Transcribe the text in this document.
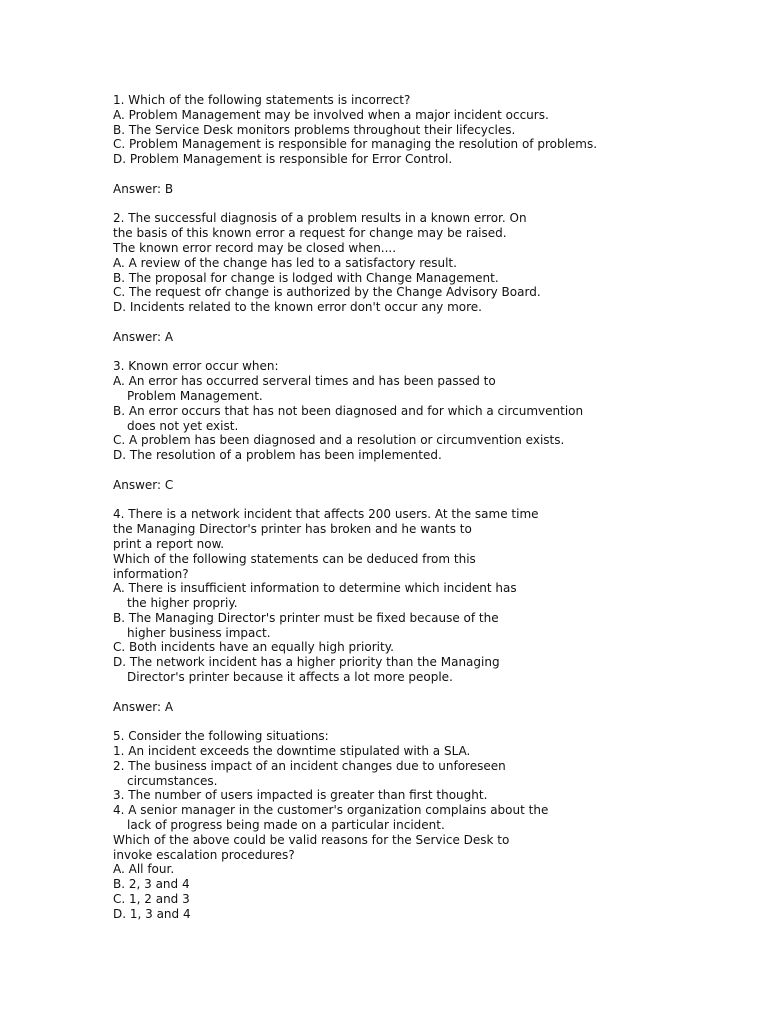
1. Which of the following statements is incorrect?
A. Problem Management may be involved when a major incident occurs.
B. The Service Desk monitors problems throughout their lifecycles.
C. Problem Management is responsible for managing the resolution of problems.
D. Problem Management is responsible for Error Control.
Answer: B
2. The successful diagnosis of a problem results in a known error. On
the basis of this known error a request for change may be raised.
The known error record may be closed when....
A. A review of the change has led to a satisfactory result.
B. The proposal for change is lodged with Change Management.
C. The request ofr change is authorized by the Change Advisory Board.
D. Incidents related to the known error don't occur any more.
Answer: A
3. Known error occur when:
A. An error has occurred serveral times and has been passed to
Problem Management.
B. An error occurs that has not been diagnosed and for which a circumvention
does not yet exist.
C. A problem has been diagnosed and a resolution or circumvention exists.
D. The resolution of a problem has been implemented.
Answer: C
4. There is a network incident that affects 200 users. At the same time
the Managing Director's printer has broken and he wants to
print a report now.
Which of the following statements can be deduced from this
information?
A. There is insufficient information to determine which incident has
the higher propriy.
B. The Managing Director's printer must be fixed because of the
higher business impact.
C. Both incidents have an equally high priority.
D. The network incident has a higher priority than the Managing
Director's printer because it affects a lot more people.
Answer: A
5. Consider the following situations:
1. An incident exceeds the downtime stipulated with a SLA.
2. The business impact of an incident changes due to unforeseen
circumstances.
3. The number of users impacted is greater than first thought.
4. A senior manager in the customer's organization complains about the
lack of progress being made on a particular incident.
Which of the above could be valid reasons for the Service Desk to
invoke escalation procedures?
A. All four.
B. 2, 3 and 4
C. 1, 2 and 3
D. 1, 3 and 4
